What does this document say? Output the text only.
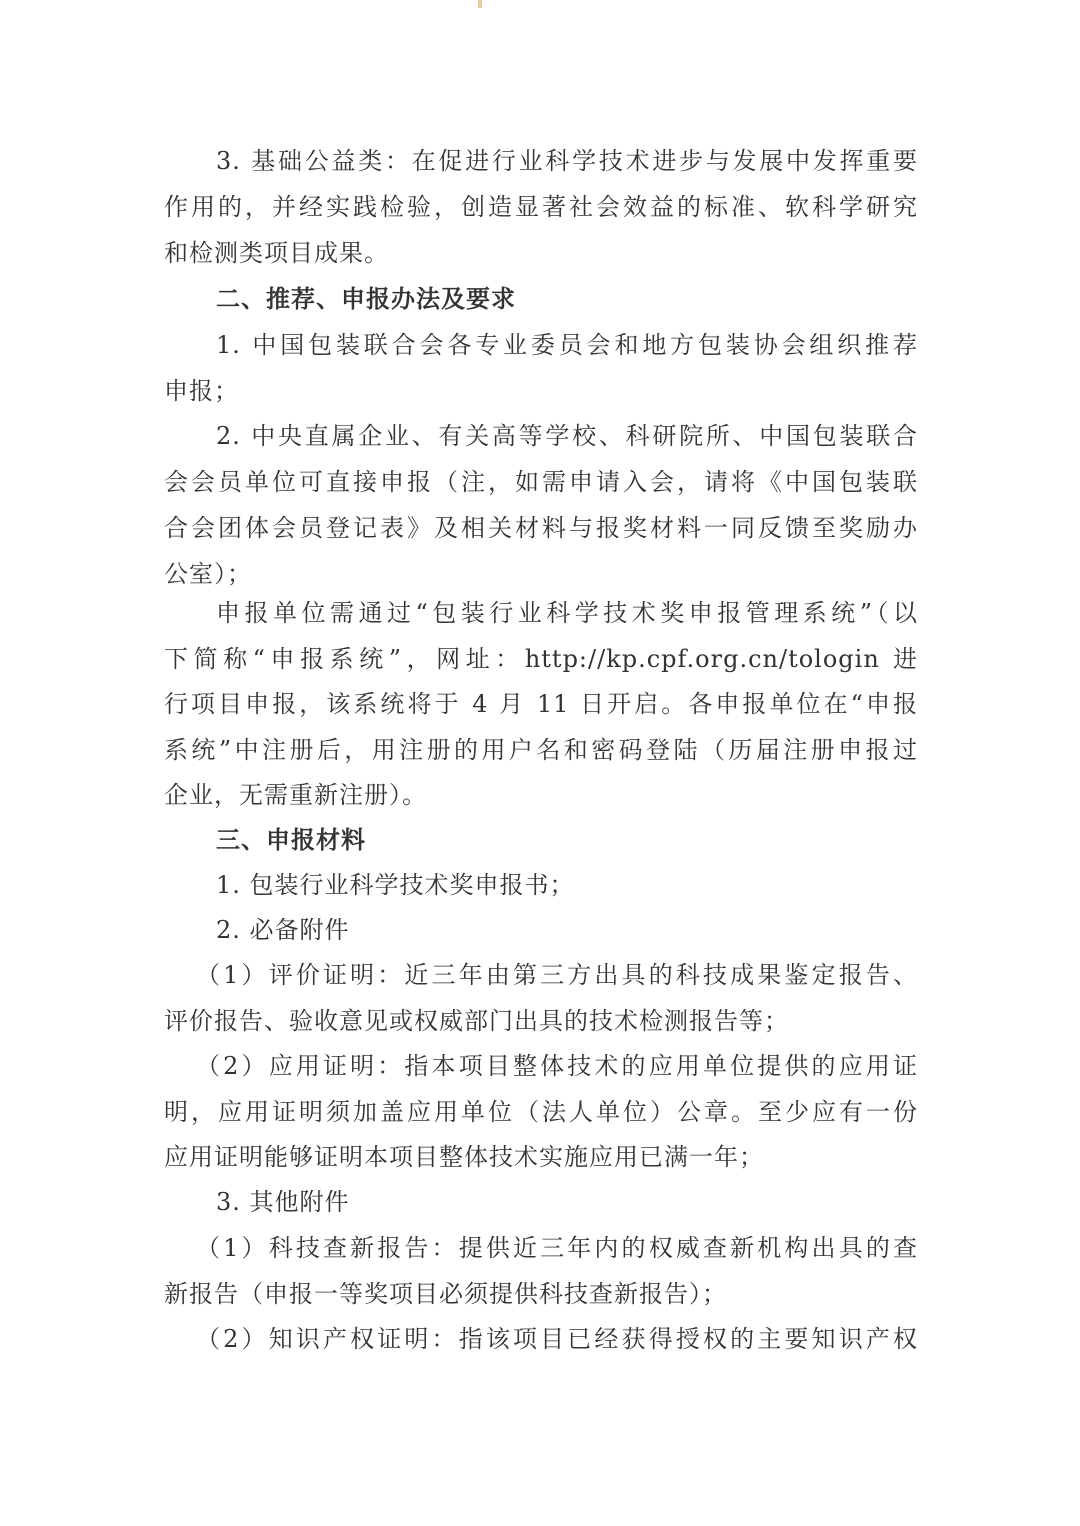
3. 基础公益类：在促进行业科学技术进步与发展中发挥重要
作用的，并经实践检验，创造显著社会效益的标准、软科学研究
和检测类项目成果。
二、推荐、申报办法及要求
1. 中国包装联合会各专业委员会和地方包装协会组织推荐
申报；
2. 中央直属企业、有关高等学校、科研院所、中国包装联合
会会员单位可直接申报（注，如需申请入会，请将《中国包装联
合会团体会员登记表》及相关材料与报奖材料一同反馈至奖励办
公室）；
申报单位需通过“包装行业科学技术奖申报管理系统”（以
下简称“申报系统”，网址：http://kp.cpf.org.cn/tologin 进
行项目申报，该系统将于 4 月 11 日开启。各申报单位在“申报
系统”中注册后，用注册的用户名和密码登陆（历届注册申报过
企业，无需重新注册）。
三、申报材料
1. 包装行业科学技术奖申报书；
2. 必备附件
（1）评价证明：近三年由第三方出具的科技成果鉴定报告、
评价报告、验收意见或权威部门出具的技术检测报告等；
（2）应用证明：指本项目整体技术的应用单位提供的应用证
明，应用证明须加盖应用单位（法人单位）公章。至少应有一份
应用证明能够证明本项目整体技术实施应用已满一年；
3. 其他附件
（1）科技查新报告：提供近三年内的权威查新机构出具的查
新报告（申报一等奖项目必须提供科技查新报告）；
（2）知识产权证明：指该项目已经获得授权的主要知识产权
